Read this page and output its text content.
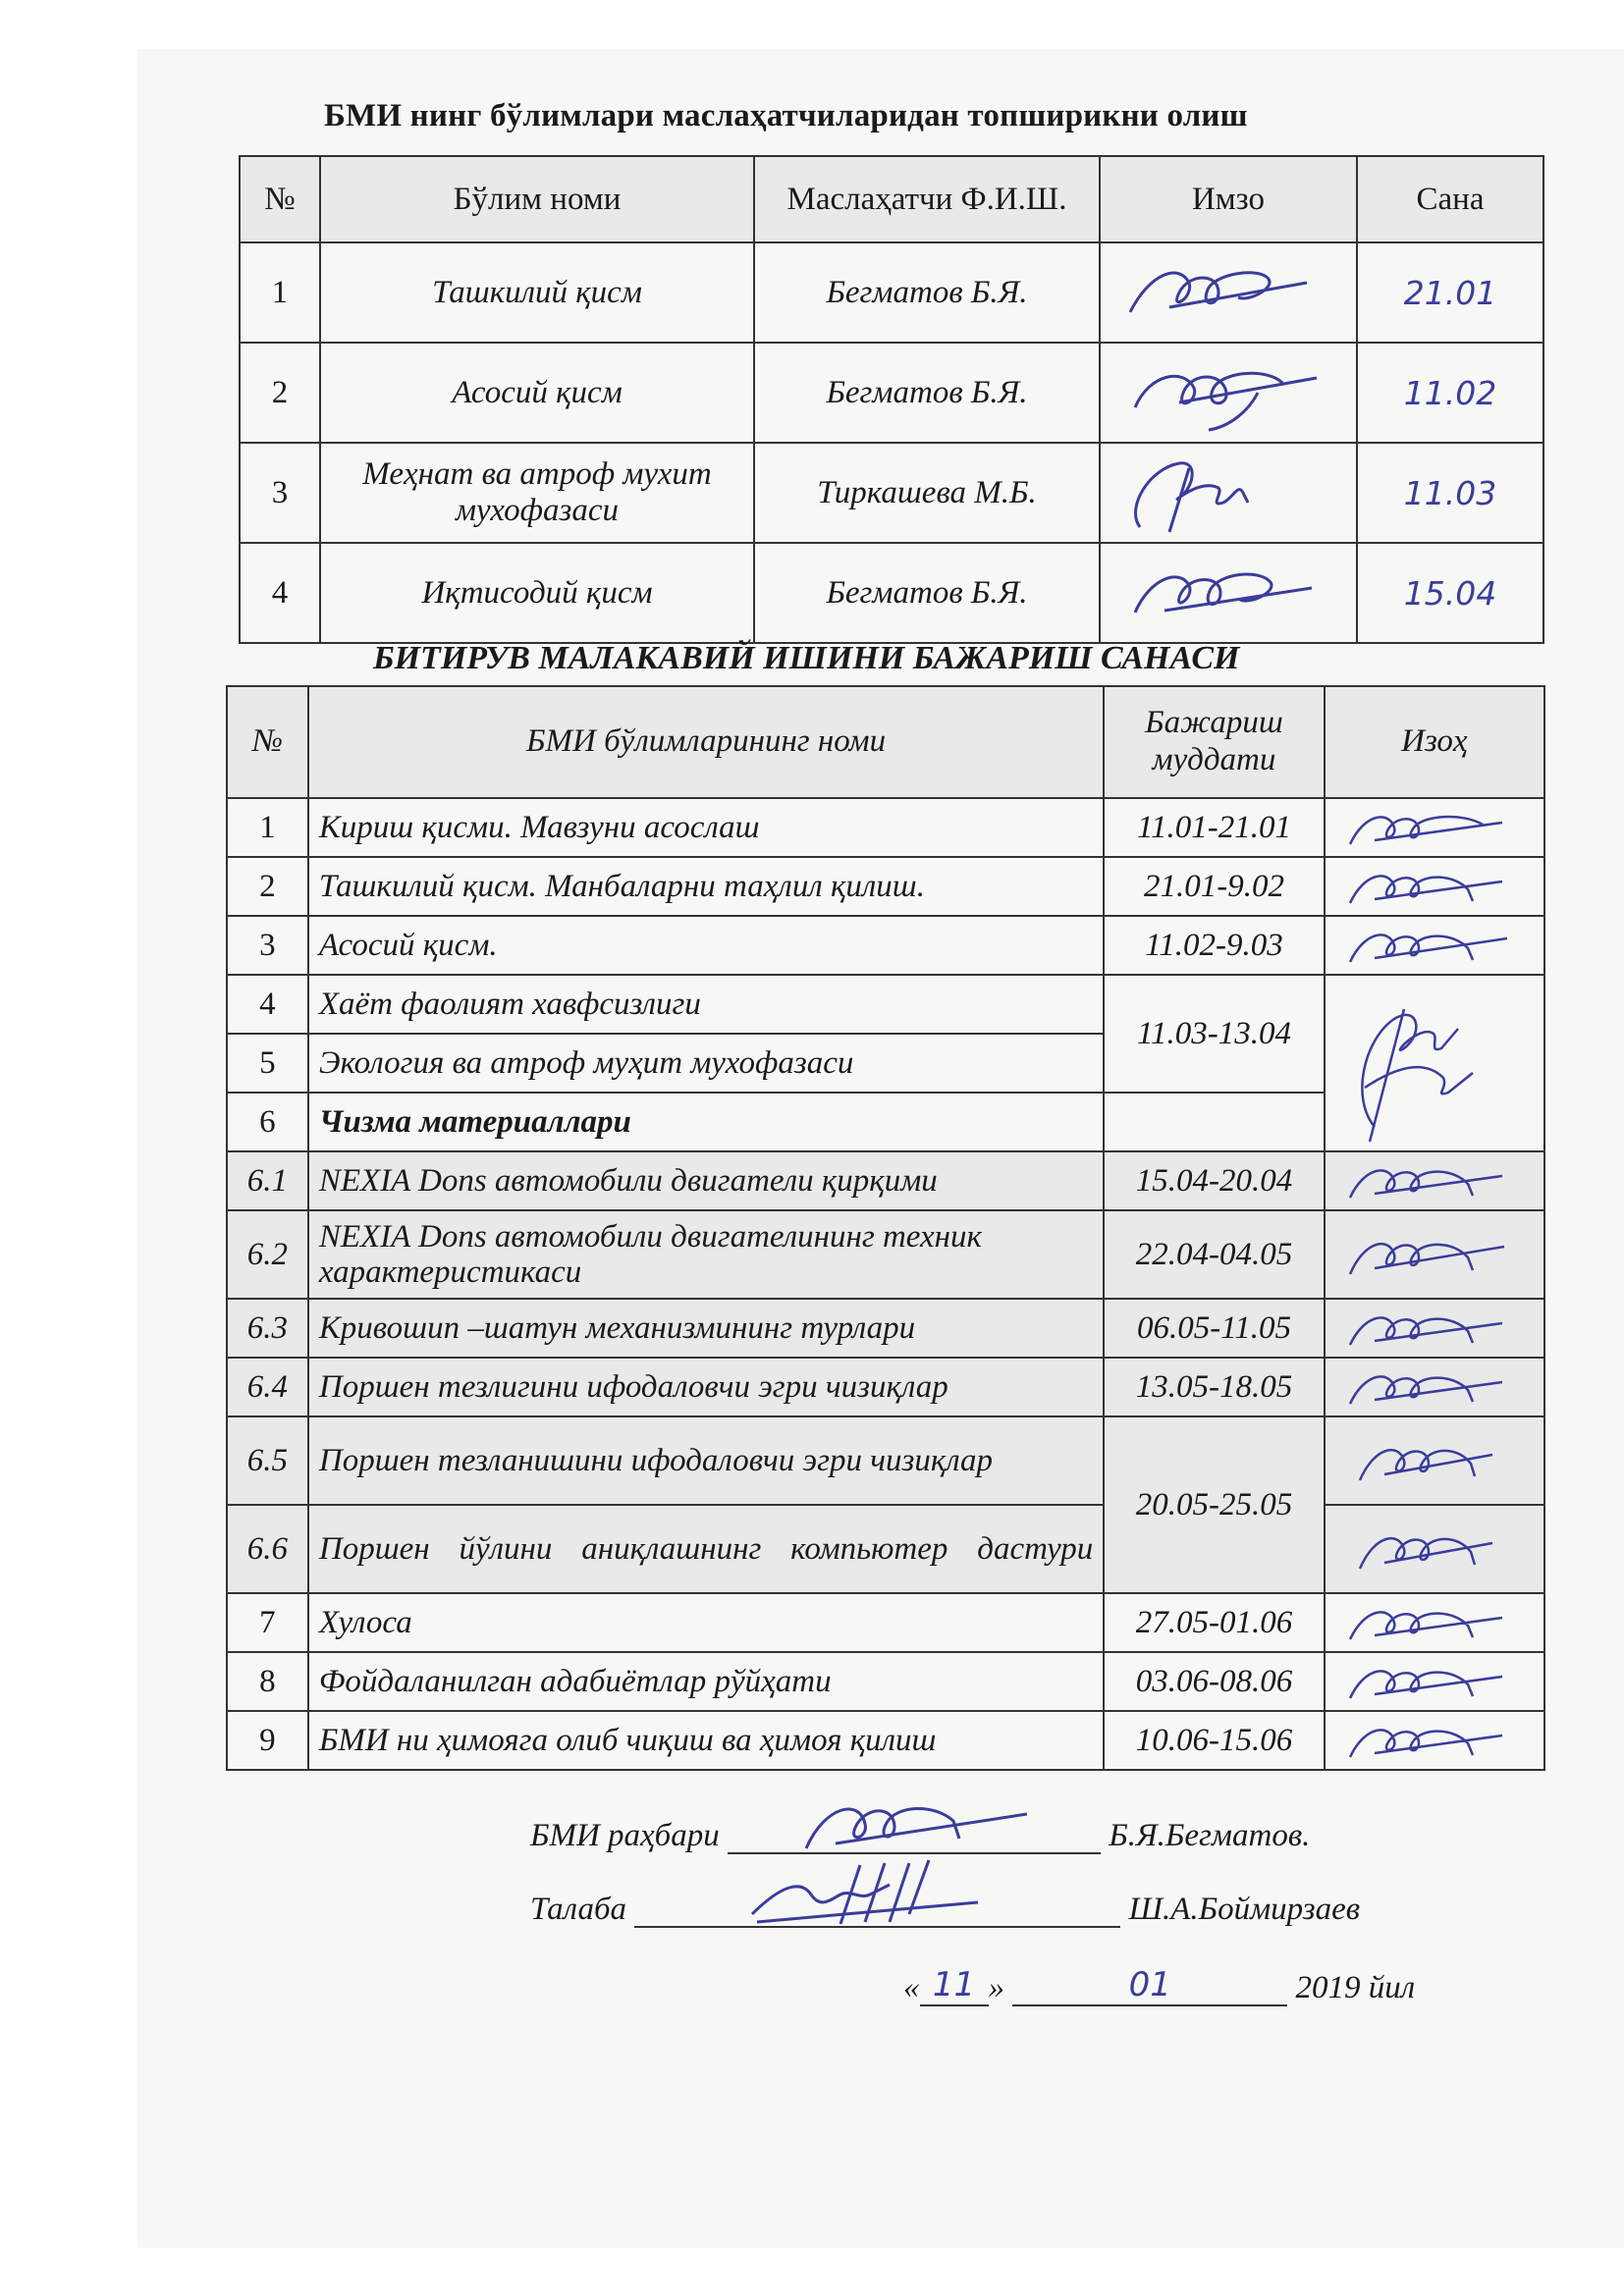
БМИ нинг бўлимлари маслаҳатчиларидан топширикни олиш
№	Бўлим номи	Маслаҳатчи Ф.И.Ш.	Имзо	Сана
1	Ташкилий қисм	Бегматов Б.Я.		21.01
2	Асосий қисм	Бегматов Б.Я.		11.02
3	Меҳнат ва атроф мухит мухофазаси	Тиркашева М.Б.		11.03
4	Иқтисодий қисм	Бегматов Б.Я.		15.04
БИТИРУВ МАЛАКАВИЙ ИШИНИ БАЖАРИШ САНАСИ
№	БМИ бўлимларининг номи	Бажариш муддати	Изоҳ
1	Кириш қисми. Мавзуни асослаш	11.01-21.01	

2	Ташкилий қисм. Манбаларни таҳлил қилиш.	21.01-9.02	

3	Асосий қисм.	11.02-9.03	

4	Хаёт фаолият хавфсизлиги	11.03-13.04	

5	Экология ва атроф муҳит мухофазаси		
6	Чизма материаллари		
6.1	NEXIA Dons автомобили двигатели қирқими	15.04-20.04	

6.2	NEXIA Dons автомобили двигателининг техник характеристикаси	22.04-04.05	

6.3	Кривошип –шатун механизмининг турлари	06.05-11.05	

6.4	Поршен тезлигини ифодаловчи эгри чизиқлар	13.05-18.05	

6.5	Поршен тезланишини ифодаловчи эгри чизиқлар	20.05-25.05	

6.6	Поршен йўлини аниқлашнинг компьютер дастури	

7	Хулоса	27.05-01.06	

8	Фойдаланилган адабиётлар рўйҳати	03.06-08.06	

9	БМИ ни ҳимояга олиб чиқиш ва ҳимоя қилиш	10.06-15.06	
БМИ раҳбари	Б.Я.Бегматов.
Талаба	Ш.А.Боймирзаев
« 11 »	01	2019 йил
